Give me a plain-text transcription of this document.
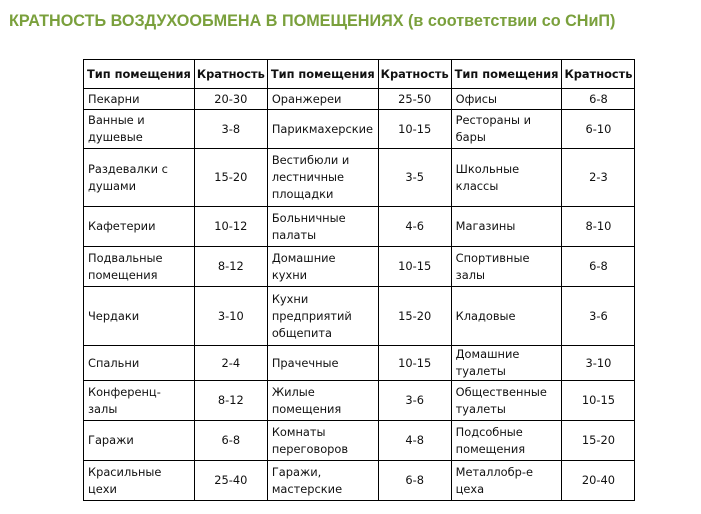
КРАТНОСТЬ ВОЗДУХООБМЕНА В ПОМЕЩЕНИЯХ (в соответствии со СНиП)
Тип помещения	Кратность	Тип помещения	Кратность	Тип помещения	Кратность
Пекарни	20-30	Оранжереи	25-50	Офисы	6-8
Ванные и душевые	3-8	Парикмахерские	10-15	Рестораны и бары	6-10
Раздевалки с душами	15-20	Вестибюли и лестничные площадки	3-5	Школьные классы	2-3
Кафетерии	10-12	Больничные палаты	4-6	Магазины	8-10
Подвальные помещения	8-12	Домашние кухни	10-15	Спортивные залы	6-8
Чердаки	3-10	Кухни предприятий общепита	15-20	Кладовые	3-6
Спальни	2-4	Прачечные	10-15	Домашние туалеты	3-10
Конференц-залы	8-12	Жилые помещения	3-6	Общественные туалеты	10-15
Гаражи	6-8	Комнаты переговоров	4-8	Подсобные помещения	15-20
Красильные цехи	25-40	Гаражи, мастерские	6-8	Металлобр-е цеха	20-40
